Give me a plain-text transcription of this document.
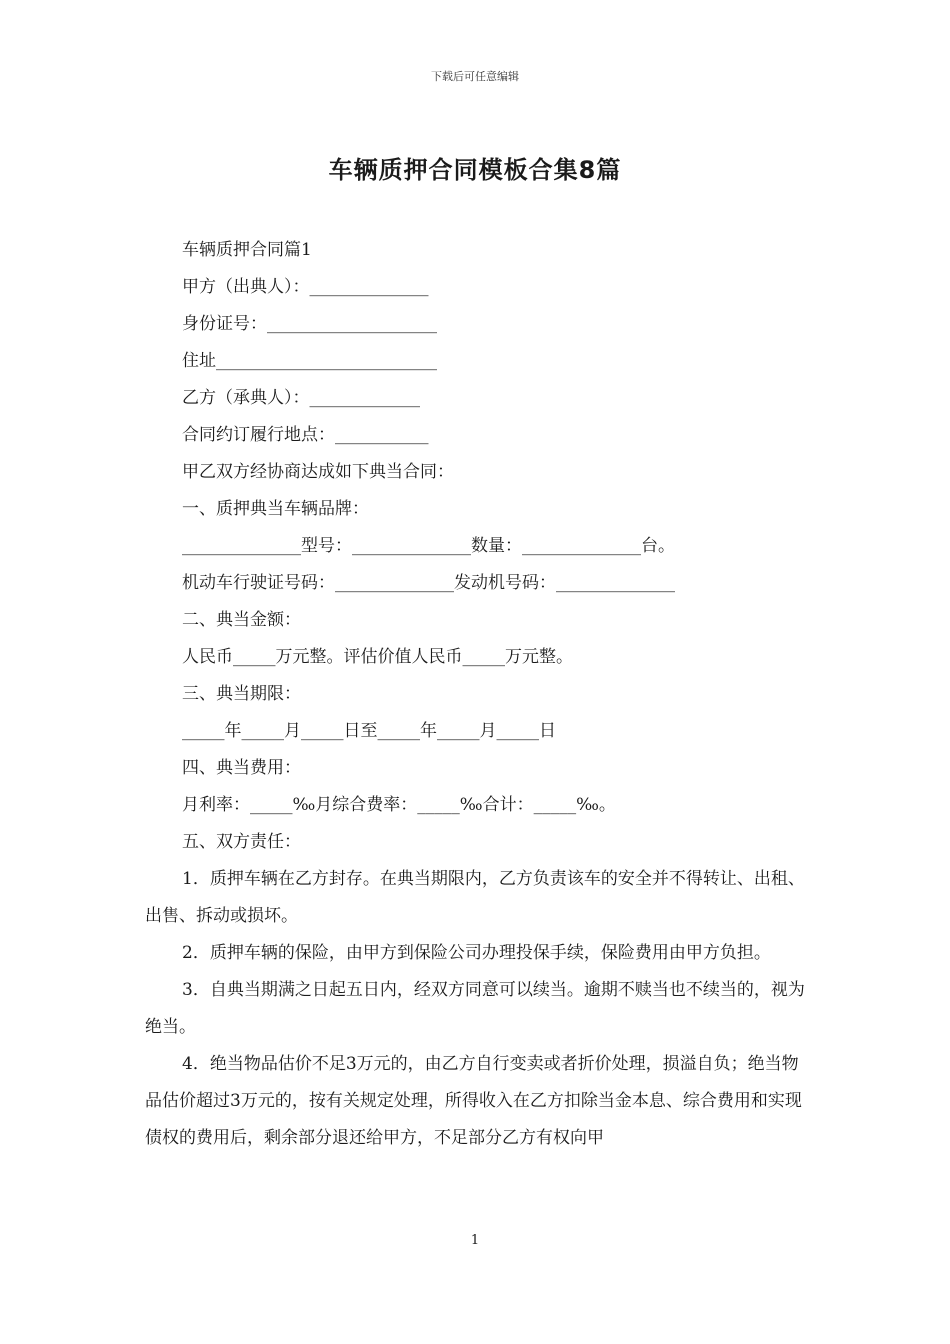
下载后可任意编辑
车辆质押合同模板合集8篇

车辆质押合同篇1

甲方（出典人）：______________

身份证号：____________________

住址__________________________

乙方（承典人）：_____________

合同约订履行地点：___________

甲乙双方经协商达成如下典当合同：

一、质押典当车辆品牌：

______________型号：______________数量：______________台。

机动车行驶证号码：______________发动机号码：______________

二、典当金额：

人民币_____万元整。评估价值人民币_____万元整。

三、典当期限：

_____年_____月_____日至_____年_____月_____日

四、典当费用：

月利率：_____‰月综合费率：_____‰合计：_____‰。

五、双方责任：

1．质押车辆在乙方封存。在典当期限内，乙方负责该车的安全并不得转让、出租、出售、拆动或损坏。

2．质押车辆的保险，由甲方到保险公司办理投保手续，保险费用由甲方负担。

3．自典当期满之日起五日内，经双方同意可以续当。逾期不赎当也不续当的，视为绝当。

4．绝当物品估价不足3万元的，由乙方自行变卖或者折价处理，损溢自负；绝当物品估价超过3万元的，按有关规定处理，所得收入在乙方扣除当金本息、综合费用和实现债权的费用后，剩余部分退还给甲方，不足部分乙方有权向甲

1
